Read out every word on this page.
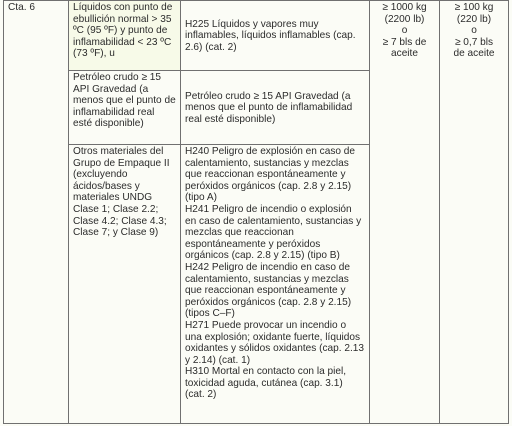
Cta. 6	Líquidos con punto de ebullición normal > 35 ºC (95 ºF) y punto de inflamabilidad < 23 ºC (73 ºF), u	H225 Líquidos y vapores muy inflamables, líquidos inflamables (cap. 2.6) (cat. 2)	≥ 1000 kg
(2200 lb)
o
≥ 7 bls de
aceite	≥ 100 kg
(220 lb)
o
≥ 0,7 bls
de aceite

	Petróleo crudo ≥ 15 API Gravedad (a menos que el punto de inflamabilidad real esté disponible)	Petróleo crudo ≥ 15 API Gravedad (a menos que el punto de inflamabilidad real esté disponible)		

	Otros materiales del Grupo de Empaque II (excluyendo ácidos/bases y materiales UNDG Clase 1; Clase 2.2; Clase 4.2; Clase 4.3; Clase 7; y Clase 9)	H240 Peligro de explosión en caso de calentamiento, sustancias y mezclas que reaccionan espontáneamente y peróxidos orgánicos (cap. 2.8 y 2.15) (tipo A)
H241 Peligro de incendio o explosión en caso de calentamiento, sustancias y mezclas que reaccionan espontáneamente y peróxidos orgánicos (cap. 2.8 y 2.15) (tipo B)
H242 Peligro de incendio en caso de calentamiento, sustancias y mezclas que reaccionan espontáneamente y peróxidos orgánicos (cap. 2.8 y 2.15) (tipos C–F)
H271 Puede provocar un incendio o una explosión; oxidante fuerte, líquidos oxidantes y sólidos oxidantes (cap. 2.13 y 2.14) (cat. 1)
H310 Mortal en contacto con la piel, toxicidad aguda, cutánea (cap. 3.1) (cat. 2)		
